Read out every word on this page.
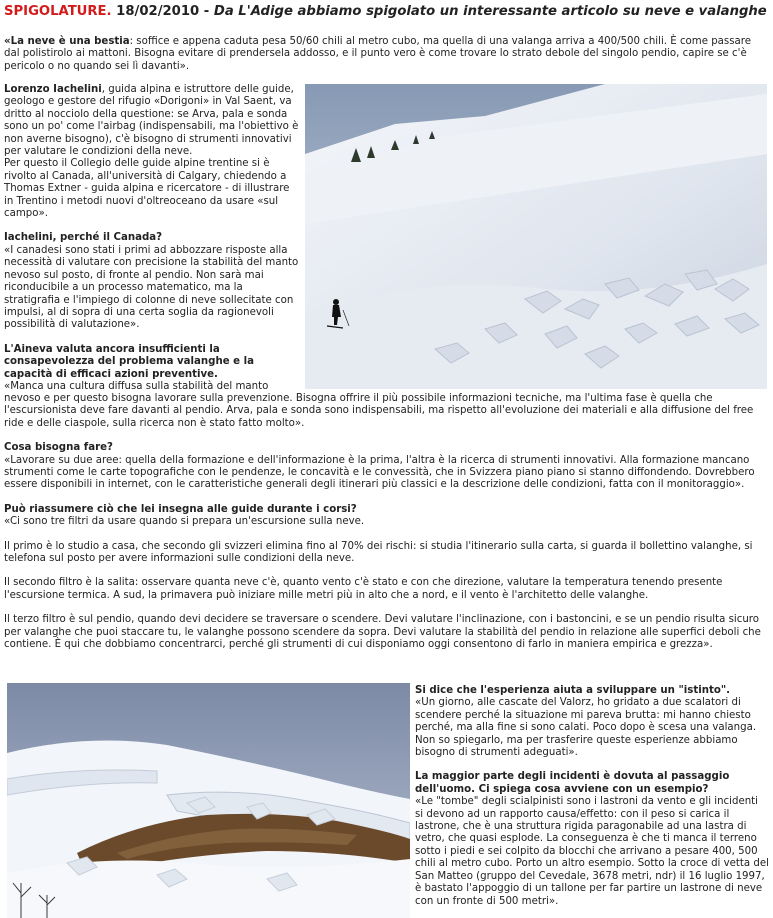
SPIGOLATURE. 18/02/2010 - Da L'Adige abbiamo spigolato un interessante articolo su neve e valanghe

«La neve è una bestia: soffice e appena caduta pesa 50/60 chili al metro cubo, ma quella di una valanga arriva a 400/500 chili. È come passare dal polistirolo ai mattoni. Bisogna evitare di prendersela addosso, e il punto vero è come trovare lo strato debole del singolo pendio, capire se c'è pericolo o no quando sei lì davanti».

Lorenzo Iachelini, guida alpina e istruttore delle guide, geologo e gestore del rifugio «Dorigoni» in Val Saent, va dritto al nocciolo della questione: se Arva, pala e sonda sono un po' come l'airbag (indispensabili, ma l'obiettivo è non averne bisogno), c'è bisogno di strumenti innovativi per valutare le condizioni della neve.
Per questo il Collegio delle guide alpine trentine si è rivolto al Canada, all'università di Calgary, chiedendo a Thomas Extner - guida alpina e ricercatore - di illustrare in Trentino i metodi nuovi d'oltreoceano da usare «sul campo».
Iachelini, perché il Canada?
«I canadesi sono stati i primi ad abbozzare risposte alla necessità di valutare con precisione la stabilità del manto nevoso sul posto, di fronte al pendio. Non sarà mai riconducibile a un processo matematico, ma la stratigrafia e l'impiego di colonne di neve sollecitate con impulsi, al di sopra di una certa soglia da ragionevoli possibilità di valutazione».
L'Aineva valuta ancora insufficienti la consapevolezza del problema valanghe e la capacità di efficaci azioni preventive.
«Manca una cultura diffusa sulla stabilità del manto
nevoso e per questo bisogna lavorare sulla prevenzione. Bisogna offrire il più possibile informazioni tecniche, ma l'ultima fase è quella che l'escursionista deve fare davanti al pendio. Arva, pala e sonda sono indispensabili, ma rispetto all'evoluzione dei materiali e alla diffusione del free ride e delle ciaspole, sulla ricerca non è stato fatto molto».
Cosa bisogna fare?
«Lavorare su due aree: quella della formazione e dell'informazione è la prima, l'altra è la ricerca di strumenti innovativi. Alla formazione mancano strumenti come le carte topografiche con le pendenze, le concavità e le convessità, che in Svizzera piano piano si stanno diffondendo. Dovrebbero essere disponibili in internet, con le caratteristiche generali degli itinerari più classici e la descrizione delle condizioni, fatta con il monitoraggio».
Può riassumere ciò che lei insegna alle guide durante i corsi?
«Ci sono tre filtri da usare quando si prepara un'escursione sulla neve.
Il primo è lo studio a casa, che secondo gli svizzeri elimina fino al 70% dei rischi: si studia l'itinerario sulla carta, si guarda il bollettino valanghe, si telefona sul posto per avere informazioni sulle condizioni della neve.
Il secondo filtro è la salita: osservare quanta neve c'è, quanto vento c'è stato e con che direzione, valutare la temperatura tenendo presente l'escursione termica. A sud, la primavera può iniziare mille metri più in alto che a nord, e il vento è l'architetto delle valanghe.
Il terzo filtro è sul pendio, quando devi decidere se traversare o scendere. Devi valutare l'inclinazione, con i bastoncini, e se un pendio risulta sicuro per valanghe che puoi staccare tu, le valanghe possono scendere da sopra. Devi valutare la stabilità del pendio in relazione alle superfici deboli che contiene. È qui che dobbiamo concentrarci, perché gli strumenti di cui disponiamo oggi consentono di farlo in maniera empirica e grezza».
Si dice che l'esperienza aiuta a sviluppare un "istinto".
«Un giorno, alle cascate del Valorz, ho gridato a due scalatori di scendere perché la situazione mi pareva brutta: mi hanno chiesto perché, ma alla fine si sono calati. Poco dopo è scesa una valanga. Non so spiegarlo, ma per trasferire queste esperienze abbiamo bisogno di strumenti adeguati».
La maggior parte degli incidenti è dovuta al passaggio dell'uomo. Ci spiega cosa avviene con un esempio?
«Le "tombe" degli scialpinisti sono i lastroni da vento e gli incidenti si devono ad un rapporto causa/effetto: con il peso si carica il lastrone, che è una struttura rigida paragonabile ad una lastra di vetro, che quasi esplode. La conseguenza è che ti manca il terreno sotto i piedi e sei colpito da blocchi che arrivano a pesare 400, 500 chili al metro cubo. Porto un altro esempio. Sotto la croce di vetta del San Matteo (gruppo del Cevedale, 3678 metri, ndr) il 16 luglio 1997, è bastato l'appoggio di un tallone per far partire un lastrone di neve con un fronte di 500 metri».
